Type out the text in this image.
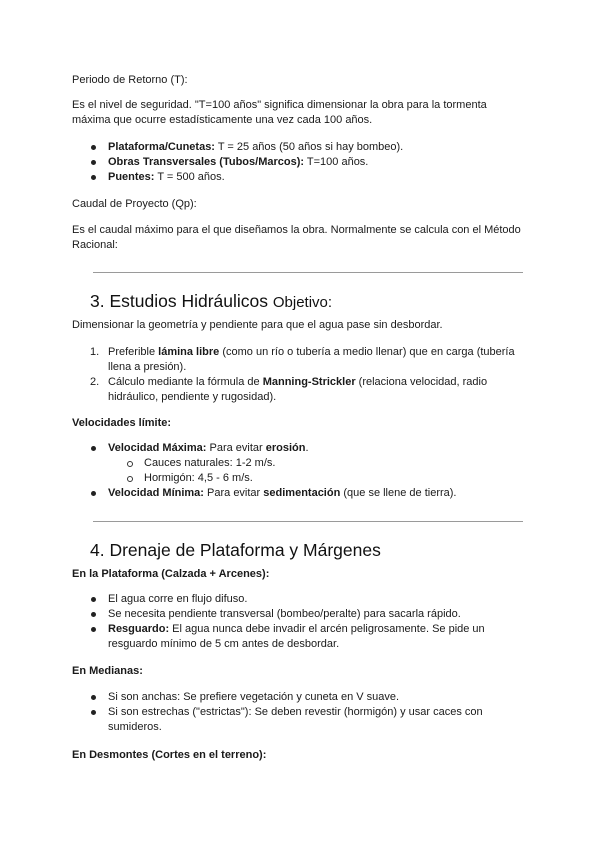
Periodo de Retorno (T):
Es el nivel de seguridad. "T=100 años" significa dimensionar la obra para la tormenta máxima que ocurre estadísticamente una vez cada 100 años.
Plataforma/Cunetas: T = 25 años (50 años si hay bombeo).
Obras Transversales (Tubos/Marcos): T=100 años.
Puentes: T = 500 años.
Caudal de Proyecto (Qp):
Es el caudal máximo para el que diseñamos la obra. Normalmente se calcula con el Método Racional:
3. Estudios Hidráulicos Objetivo:
Dimensionar la geometría y pendiente para que el agua pase sin desbordar.
1. Preferible lámina libre (como un río o tubería a medio llenar) que en carga (tubería llena a presión).
2. Cálculo mediante la fórmula de Manning-Strickler (relaciona velocidad, radio hidráulico, pendiente y rugosidad).
Velocidades límite:
Velocidad Máxima: Para evitar erosión.
Cauces naturales: 1-2 m/s.
Hormigón: 4,5 - 6 m/s.
Velocidad Mínima: Para evitar sedimentación (que se llene de tierra).
4. Drenaje de Plataforma y Márgenes
En la Plataforma (Calzada + Arcenes):
El agua corre en flujo difuso.
Se necesita pendiente transversal (bombeo/peralte) para sacarla rápido.
Resguardo: El agua nunca debe invadir el arcén peligrosamente. Se pide un resguardo mínimo de 5 cm antes de desbordar.
En Medianas:
Si son anchas: Se prefiere vegetación y cuneta en V suave.
Si son estrechas ("estrictas"): Se deben revestir (hormigón) y usar caces con sumideros.
En Desmontes (Cortes en el terreno):
